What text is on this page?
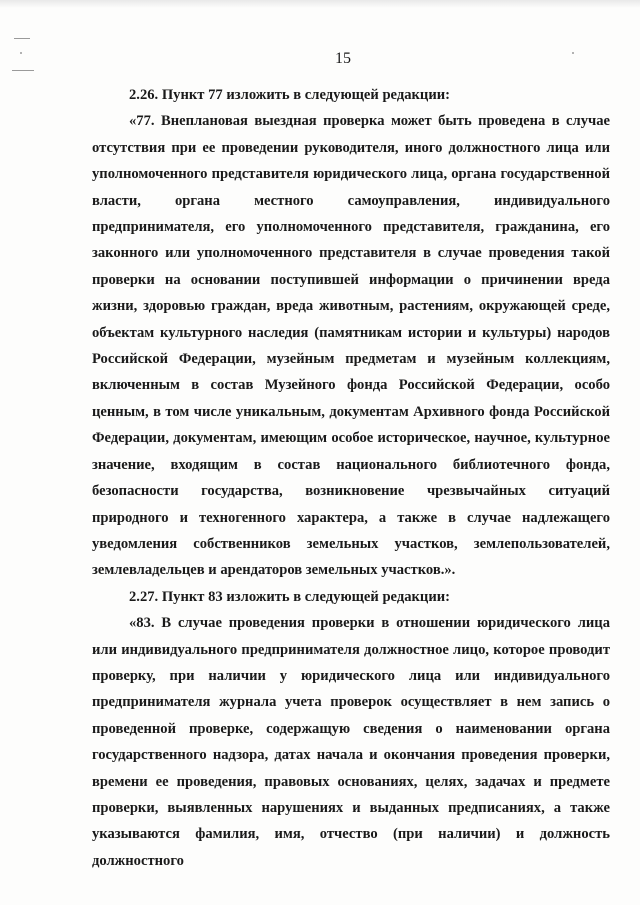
15

2.26. Пункт 77 изложить в следующей редакции:

«77. Внеплановая выездная проверка может быть проведена в случае отсутствия при ее проведении руководителя, иного должностного лица или уполномоченного представителя юридического лица, органа государственной власти, органа местного самоуправления, индивидуального предпринимателя, его уполномоченного представителя, гражданина, его законного или уполномоченного представителя в случае проведения такой проверки на основании поступившей информации о причинении вреда жизни, здоровью граждан, вреда животным, растениям, окружающей среде, объектам культурного наследия (памятникам истории и культуры) народов Российской Федерации, музейным предметам и музейным коллекциям, включенным в состав Музейного фонда Российской Федерации, особо ценным, в том числе уникальным, документам Архивного фонда Российской Федерации, документам, имеющим особое историческое, научное, культурное значение, входящим в состав национального библиотечного фонда, безопасности государства, возникновение чрезвычайных ситуаций природного и техногенного характера, а также в случае надлежащего уведомления собственников земельных участков, землепользователей, землевладельцев и арендаторов земельных участков.».

2.27. Пункт 83 изложить в следующей редакции:

«83. В случае проведения проверки в отношении юридического лица или индивидуального предпринимателя должностное лицо, которое проводит проверку, при наличии у юридического лица или индивидуального предпринимателя журнала учета проверок осуществляет в нем запись о проведенной проверке, содержащую сведения о наименовании органа государственного надзора, датах начала и окончания проведения проверки, времени ее проведения, правовых основаниях, целях, задачах и предмете проверки, выявленных нарушениях и выданных предписаниях, а также указываются фамилия, имя, отчество (при наличии) и должность должностного
